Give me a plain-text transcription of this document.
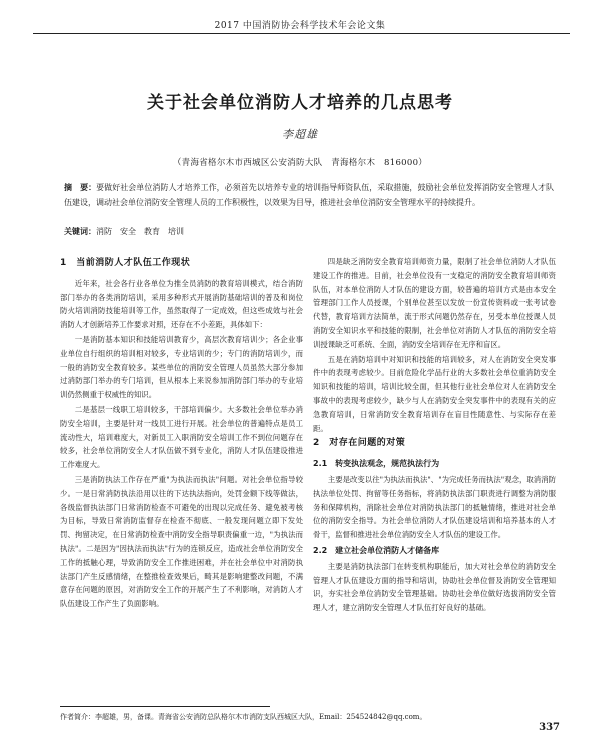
2017 中国消防协会科学技术年会论文集
关于社会单位消防人才培养的几点思考
李超雄
（青海省格尔木市西城区公安消防大队　青海格尔木　816000）
摘　要：要做好社会单位消防人才培养工作，必须首先以培养专业的培训指导师资队伍，采取措施，鼓励社会单位发挥消防安全管理人才队伍建设，调动社会单位消防安全管理人员的工作积极性，以效果为目导，推进社会单位消防安全管理水平的持续提升。
关键词：消防　安全　教育　培训
1　当前消防人才队伍工作现状

近年来，社会各行业各单位为推全员消防的教育培训模式，结合消防部门举办的各类消防培训，采用多种形式开展消防基础培训的普及和岗位防火培训消防技能培训等工作，虽然取得了一定成效，但这些成效与社会消防人才创新培养工作要求对照，还存在不小差距，具体如下：

一是消防基本知识和技能培训教育少，高层次教育培训少；各企业事业单位自行组织的培训相对较多，专业培训的少；专门的消防培训少，而一般的消防安全教育较多。某些单位的消防安全管理人员虽然大部分参加过消防部门举办的专门培训，但从根本上来说参加消防部门举办的专业培训仍然侧重于权威性的知识。

二是基层一线职工培训较多，干部培训偏少。大多数社会单位举办消防安全培训，主要是针对一线员工进行开展。社会单位的普遍特点是员工流动性大，培训难度大，对新员工入职消防安全培训工作不到位问题存在较多，社会单位消防安全人才队伍做不到专业化，消防人才队伍建设推进工作难度大。

三是消防执法工作存在严重"为执法而执法"问题。对社会单位指导较少。一是日常消防执法沿用以往的下达执法指向，处罚金额下线等做法，各级监督执法部门日常消防检查不可避免的出现以完成任务、避免被考核为目标，导致日常消防监督存在检查不彻底、一般发现问题立即下发处罚、拘留决定，在日常消防检查中消防安全指导职责偏重一边，"为执法而执法"。二是因为"因执法而执法"行为的连锁反应，造成社会单位消防安全工作的抵触心理，导致消防安全工作推进困难，并在社会单位中对消防执法部门产生反感情绪，在整推检查效果后，畸其是影响建整改问题，不满意存在问题的原因，对消防安全工作的开展产生了不利影响，对消防人才队伍建设工作产生了负面影响。

四是缺乏消防安全教育培训师资力量，限制了社会单位消防人才队伍建设工作的推进。目前，社会单位没有一支稳定的消防安全教育培训师资队伍，对本单位消防人才队伍的建设方面，较普遍的培训方式是由本安全管理部门工作人员授课，个别单位甚至以发放一份宣传资料或一张考试卷代替，教育培训方法简单，流于形式问题仍然存在，另受本单位授课人员消防安全知识水平和技能的限制，社会单位对消防人才队伍的消防安全培训授课缺乏可系统、全面，消防安全培训存在无序和盲区。

五是在消防培训中对知识和技能的培训较多，对人在消防安全突发事件中的表现考虑较少。目前危险化学品行业的大多数社会单位重消防安全知识和技能的培训，培训比较全面，但其他行业社会单位对人在消防安全事故中的表现考虑较少，缺少与人在消防安全突发事件中的表现有关的应急教育培训，日常消防安全教育培训存在盲目性随意性、与实际存在差距。

2　对存在问题的对策
2.1　转变执法观念，规范执法行为

主要是改变以往"为执法而执法"、"为完成任务而执法"观念，取消消防执法单位处罚、拘留等任务指标，将消防执法部门职责进行调整为消防服务和保障机构，消除社会单位对消防执法部门的抵触情绪，推进对社会单位的消防安全指导。为社会单位消防人才队伍建设培训和培养基本的人才骨干，监督和推进社会单位消防安全人才队伍的建设工作。

2.2　建立社会单位消防人才储备库

主要是消防执法部门在转变机构职能后，加大对社会单位的消防安全管理人才队伍建设方面的指导和培训，协助社会单位督及消防安全管理知识，夯实社会单位消防安全管理基础。协助社会单位做好选拔消防安全管理人才，建立消防安全管理人才队伍打好良好的基础。

作者简介：李超雄，男，备课。青海省公安消防总队格尔木市消防支队西城区大队，Email：254524842@qq.com。
337
